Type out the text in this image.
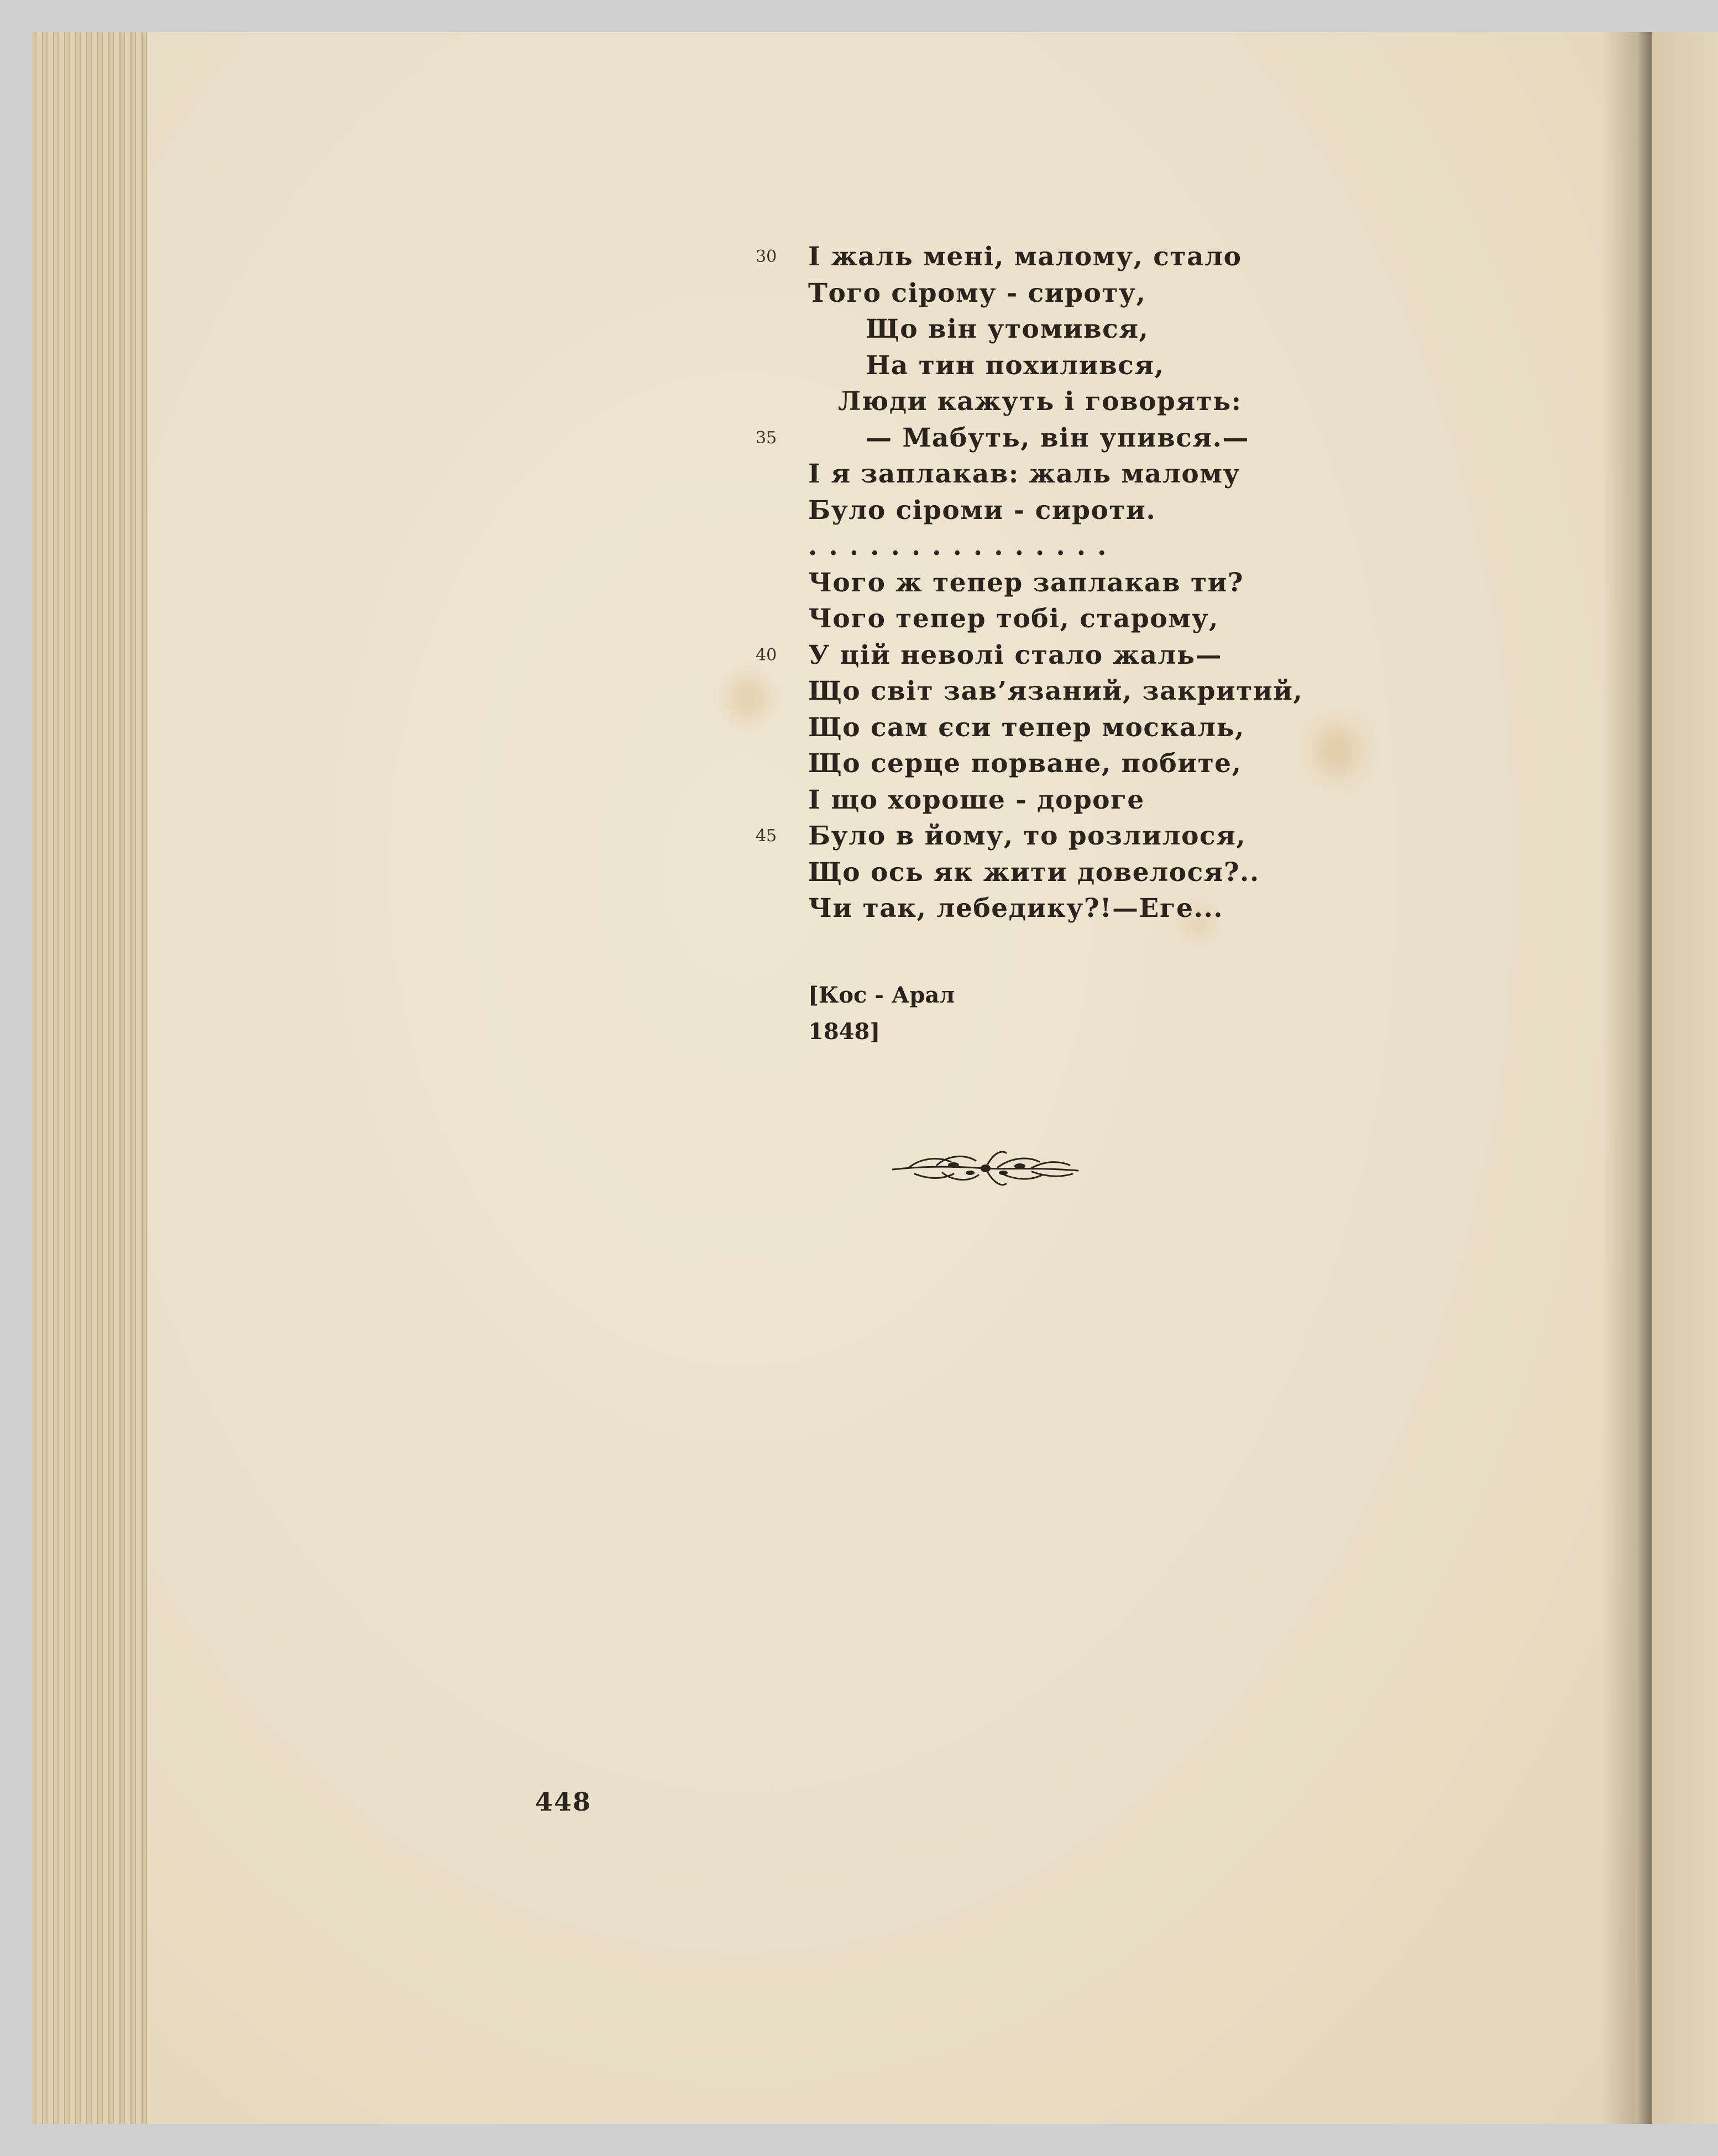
30 І жаль мені, малому, стало
Того сірому - сироту,
Що він утомився,
На тин похилився,
Люди кажуть і говорять:
35	— Мабуть, він упився.—
І я заплакав: жаль малому
Було сіроми - сироти.
...............
Чого ж тепер заплакав ти?
Чого тепер тобі, старому,
40 У цій неволі стало жаль—
Що світ зав’язаний, закритий,
Що сам єси тепер москаль,
Що серце порване, побите,
І що хороше - дороге
45 Було в йому, то розлилося,
Що ось як жити довелося?..
Чи так, лебедику?!—Еге...
[Кос - Арал
1848]
448
